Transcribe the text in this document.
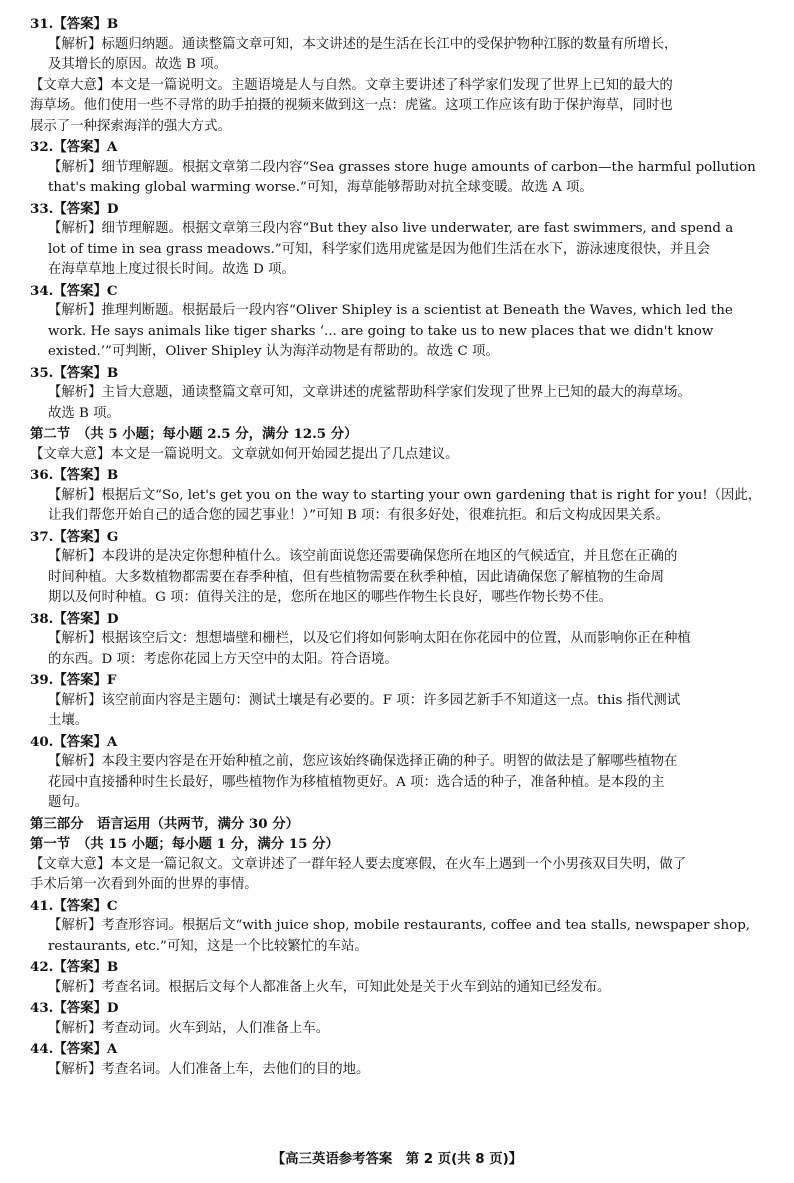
31.【答案】B
【解析】标题归纳题。通读整篇文章可知，本文讲述的是生活在长江中的受保护物种江豚的数量有所增长，
及其增长的原因。故选 B 项。
【文章大意】本文是一篇说明文。主题语境是人与自然。文章主要讲述了科学家们发现了世界上已知的最大的
海草场。他们使用一些不寻常的助手拍摄的视频来做到这一点：虎鲨。这项工作应该有助于保护海草，同时也
展示了一种探索海洋的强大方式。
32.【答案】A
【解析】细节理解题。根据文章第二段内容“Sea grasses store huge amounts of carbon—the harmful pollution
that's making global warming worse.”可知，海草能够帮助对抗全球变暖。故选 A 项。
33.【答案】D
【解析】细节理解题。根据文章第三段内容“But they also live underwater, are fast swimmers, and spend a
lot of time in sea grass meadows.”可知，科学家们选用虎鲨是因为他们生活在水下，游泳速度很快，并且会
在海草草地上度过很长时间。故选 D 项。
34.【答案】C
【解析】推理判断题。根据最后一段内容“Oliver Shipley is a scientist at Beneath the Waves, which led the
work. He says animals like tiger sharks ‘... are going to take us to new places that we didn't know
existed.’”可判断，Oliver Shipley 认为海洋动物是有帮助的。故选 C 项。
35.【答案】B
【解析】主旨大意题，通读整篇文章可知，文章讲述的虎鲨帮助科学家们发现了世界上已知的最大的海草场。
故选 B 项。
第二节　（共 5 小题；每小题 2.5 分，满分 12.5 分）
【文章大意】本文是一篇说明文。文章就如何开始园艺提出了几点建议。
36.【答案】B
【解析】根据后文“So, let's get you on the way to starting your own gardening that is right for you!（因此，
让我们帮您开始自己的适合您的园艺事业！）”可知 B 项：有很多好处，很难抗拒。和后文构成因果关系。
37.【答案】G
【解析】本段讲的是决定你想种植什么。该空前面说您还需要确保您所在地区的气候适宜，并且您在正确的
时间种植。大多数植物都需要在春季种植，但有些植物需要在秋季种植，因此请确保您了解植物的生命周
期以及何时种植。G 项：值得关注的是，您所在地区的哪些作物生长良好，哪些作物长势不佳。
38.【答案】D
【解析】根据该空后文：想想墙壁和栅栏，以及它们将如何影响太阳在你花园中的位置，从而影响你正在种植
的东西。D 项：考虑你花园上方天空中的太阳。符合语境。
39.【答案】F
【解析】该空前面内容是主题句：测试土壤是有必要的。F 项：许多园艺新手不知道这一点。this 指代测试
土壤。
40.【答案】A
【解析】本段主要内容是在开始种植之前，您应该始终确保选择正确的种子。明智的做法是了解哪些植物在
花园中直接播种时生长最好，哪些植物作为移植植物更好。A 项：选合适的种子，准备种植。是本段的主
题句。
第三部分　语言运用（共两节，满分 30 分）
第一节　（共 15 小题；每小题 1 分，满分 15 分）
【文章大意】本文是一篇记叙文。文章讲述了一群年轻人要去度寒假，在火车上遇到一个小男孩双目失明，做了
手术后第一次看到外面的世界的事情。
41.【答案】C
【解析】考查形容词。根据后文“with juice shop, mobile restaurants, coffee and tea stalls, newspaper shop,
restaurants, etc.”可知，这是一个比较繁忙的车站。
42.【答案】B
【解析】考查名词。根据后文每个人都准备上火车，可知此处是关于火车到站的通知已经发布。
43.【答案】D
【解析】考查动词。火车到站，人们准备上车。
44.【答案】A
【解析】考查名词。人们准备上车，去他们的目的地。
【高三英语参考答案　第 2 页(共 8 页)】
